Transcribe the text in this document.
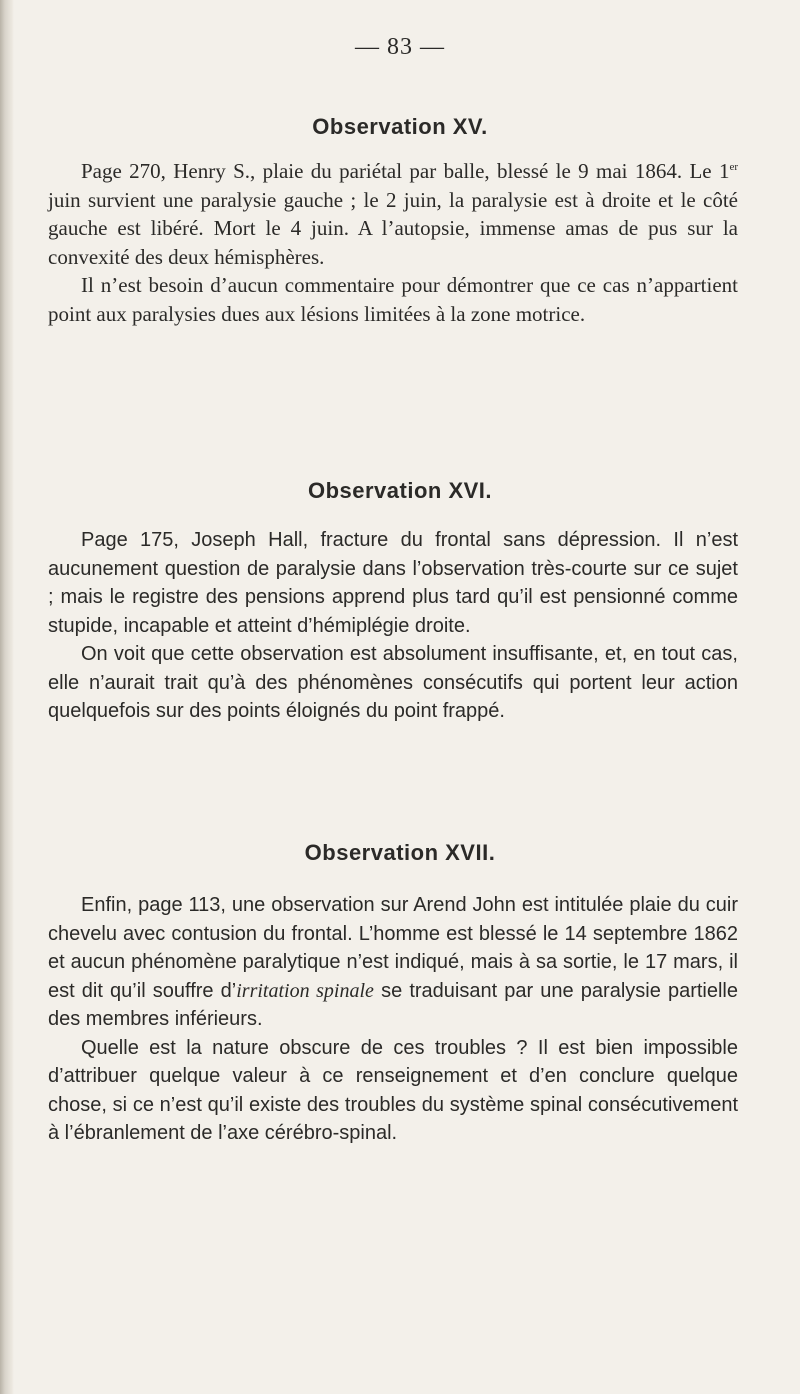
— 83 —
Observation XV.

Page 270, Henry S., plaie du pariétal par balle, blessé le 9 mai 1864. Le 1er juin survient une paralysie gauche ; le 2 juin, la paralysie est à droite et le côté gauche est libéré. Mort le 4 juin. A l’autopsie, immense amas de pus sur la convexité des deux hémisphères.

Il n’est besoin d’aucun commentaire pour démontrer que ce cas n’appartient point aux paralysies dues aux lésions limitées à la zone motrice.

Observation XVI.

Page 175, Joseph Hall, fracture du frontal sans dépression. Il n’est aucunement question de paralysie dans l’observation très-courte sur ce sujet ; mais le registre des pensions apprend plus tard qu’il est pensionné comme stupide, incapable et atteint d’hémiplégie droite.

On voit que cette observation est absolument insuffisante, et, en tout cas, elle n’aurait trait qu’à des phénomènes consécutifs qui portent leur action quelquefois sur des points éloignés du point frappé.

Observation XVII.

Enfin, page 113, une observation sur Arend John est intitulée plaie du cuir chevelu avec contusion du frontal. L’homme est blessé le 14 septembre 1862 et aucun phénomène paralytique n’est indiqué, mais à sa sortie, le 17 mars, il est dit qu’il souffre d’irritation spinale se traduisant par une paralysie partielle des membres inférieurs.

Quelle est la nature obscure de ces troubles ? Il est bien impossible d’attribuer quelque valeur à ce renseignement et d’en conclure quelque chose, si ce n’est qu’il existe des troubles du système spinal consécutivement à l’ébranlement de l’axe cérébro-spinal.
